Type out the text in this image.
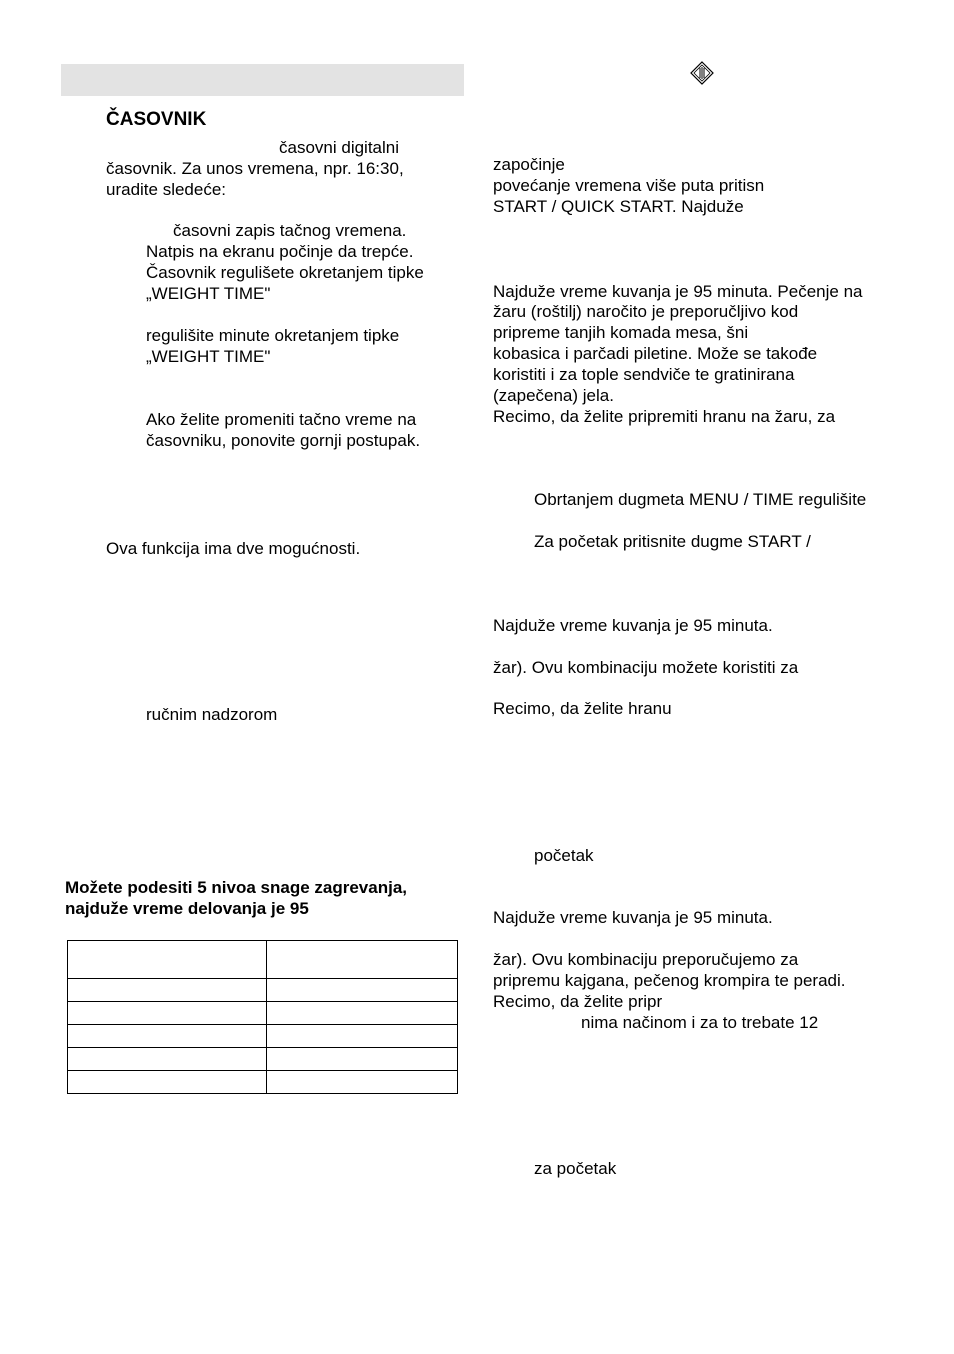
ČASOVNIK
časovni digitalni
časovnik. Za unos vremena, npr. 16:30,
uradite sledeće:
časovni zapis tačnog vremena.
Natpis na ekranu počinje da trepće.
Časovnik regulišete okretanjem tipke
„WEIGHT TIME"
regulišite minute okretanjem tipke
„WEIGHT TIME"
Ako želite promeniti tačno vreme na
časovniku, ponovite gornji postupak.
Ova funkcija ima dve mogućnosti.
ručnim nadzorom
Možete podesiti 5 nivoa snage zagrevanja,
najduže vreme delovanja je 95

započinje
povećanje vremena više puta pritisn
START / QUICK START. Najduže
Najduže vreme kuvanja je 95 minuta. Pečenje na
žaru (roštilj) naročito je preporučljivo kod
pripreme tanjih komada mesa, šni
kobasica i parčadi piletine. Može se takođe
koristiti i za tople sendviče te gratinirana
(zapečena) jela.
Recimo, da želite pripremiti hranu na žaru, za
Obrtanjem dugmeta MENU / TIME regulišite
Za početak pritisnite dugme START /
Najduže vreme kuvanja je 95 minuta.
žar). Ovu kombinaciju možete koristiti za
Recimo, da želite hranu
početak
Najduže vreme kuvanja je 95 minuta.
žar). Ovu kombinaciju preporučujemo za
pripremu kajgana, pečenog krompira te peradi.
Recimo, da želite pripr
nima načinom i za to trebate 12
za početak
